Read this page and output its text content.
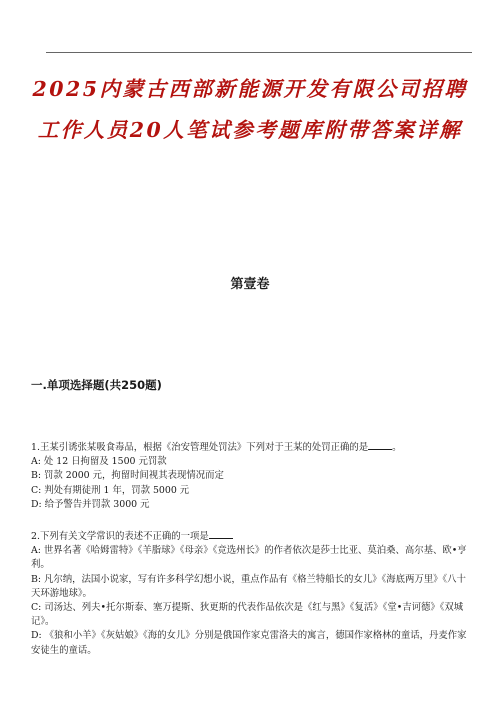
2025内蒙古西部新能源开发有限公司招聘
工作人员20人笔试参考题库附带答案详解
第壹卷
一.单项选择题(共250题)

1.王某引诱张某吸食毒品，根据《治安管理处罚法》下列对于王某的处罚正确的是	。

A: 处 12 日拘留及 1500 元罚款

B: 罚款 2000 元，拘留时间视其表现情况而定

C: 判处有期徒刑 1 年，罚款 5000 元

D: 给予警告并罚款 3000 元

2.下列有关文学常识的表述不正确的一项是

A: 世界名著《哈姆雷特》《羊脂球》《母亲》《竞选州长》的作者依次是莎士比亚、莫泊桑、高尔基、欧•亨利。

B: 凡尔纳，法国小说家，写有许多科学幻想小说，重点作品有《格兰特船长的女儿》《海底两万里》《八十天环游地球》。

C: 司汤达、列夫•托尔斯泰、塞万提斯、狄更斯的代表作品依次是《红与黑》《复活》《堂•吉诃德》《双城记》。

D: 《狼和小羊》《灰姑娘》《海的女儿》分别是俄国作家克雷洛夫的寓言，德国作家格林的童话，丹麦作家安徒生的童话。
